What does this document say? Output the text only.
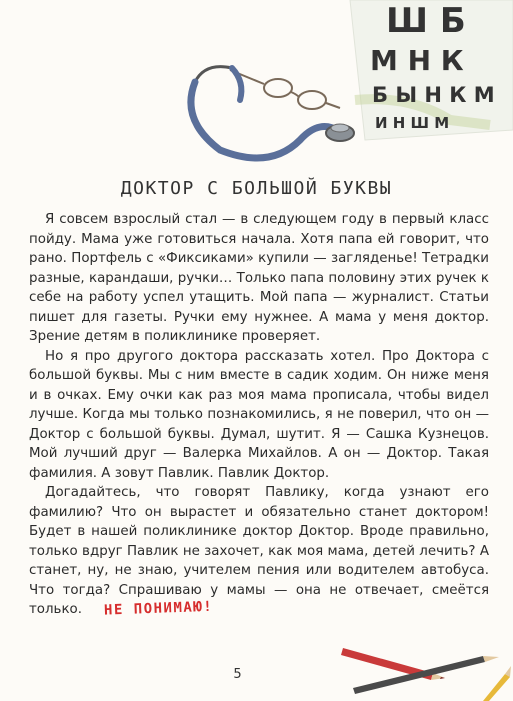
Ш Б
М Н К
Б Ы Н К М
И Н Ш М
ДОКТОР С БОЛЬШОЙ БУКВЫ

Я совсем взрослый стал — в следующем году в первый класс пойду. Мама уже готовиться начала. Хотя папа ей говорит, что рано. Портфель с «Фиксиками» купили — загляденье! Тетрадки разные, карандаши, ручки… Только папа половину этих ручек к себе на работу успел утащить. Мой папа — журналист. Статьи пишет для газеты. Ручки ему нужнее. А мама у меня доктор. Зрение детям в поликлинике проверяет.

Но я про другого доктора рассказать хотел. Про Доктора с большой буквы. Мы с ним вместе в садик ходим. Он ниже меня и в очках. Ему очки как раз моя мама прописала, чтобы видел лучше. Когда мы только познакомились, я не поверил, что он — Доктор с большой буквы. Думал, шутит. Я — Сашка Кузнецов. Мой лучший друг — Валерка Михайлов. А он — Доктор. Такая фамилия. А зовут Павлик. Павлик Доктор.

Догадайтесь, что говорят Павлику, когда узнают его фамилию? Что он вырастет и обязательно станет доктором! Будет в нашей поликлинике доктор Доктор. Вроде правильно, только вдруг Павлик не захочет, как моя мама, детей лечить? А станет, ну, не знаю, учителем пения или водителем автобуса. Что тогда? Спрашиваю у мамы — она не отвечает, смеётся только. НЕ ПОНИМАЮ!

5
